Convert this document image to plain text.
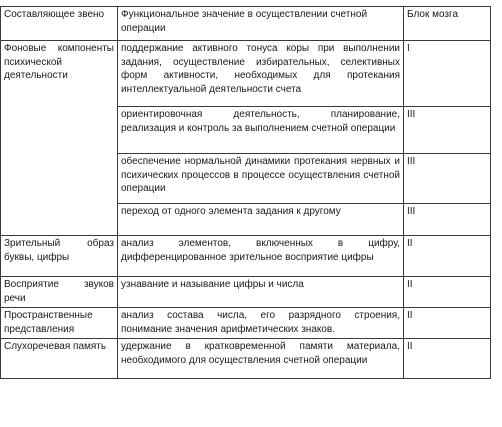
Составляющее звено	Функциональное значение в осуществлении счетной операции	Блок мозга
Фоновые компоненты психической деятельности	поддержание активного тонуса коры при выполнении задания, осуществление избирательных, селективных форм активности, необходимых для протекания интеллектуальной деятельности счета	I
	ориентировочная деятельность, планирование, реализация и контроль за выполнением счетной операции	III
	обеспечение нормальной динамики протекания нервных и психических процессов в процессе осуществления счетной операции	III
	переход от одного элемента задания к другому	III
Зрительный образ буквы, цифры	анализ элементов, включенных в цифру, дифференцированное зрительное восприятие цифры	II
Восприятие звуков речи	узнавание и называние цифры и числа	II
Пространственные представления	анализ состава числа, его разрядного строения, понимание значения арифметических знаков.	II
Слухоречевая память	удержание в кратковременной памяти материала, необходимого для осуществления счетной операции	II
